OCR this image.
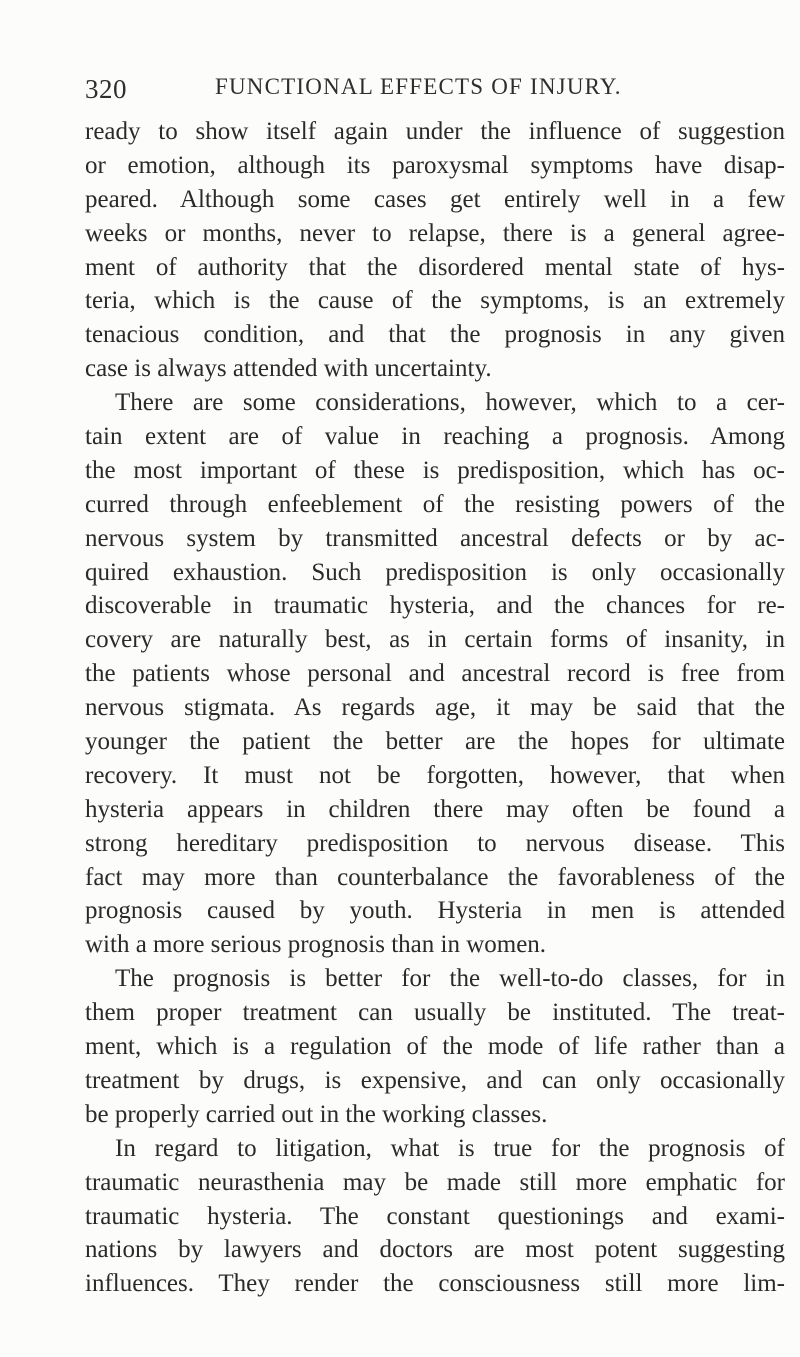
320	FUNCTIONAL EFFECTS OF INJURY.
ready to show itself again under the influence of suggestion
or emotion, although its paroxysmal symptoms have disap-
peared. Although some cases get entirely well in a few
weeks or months, never to relapse, there is a general agree-
ment of authority that the disordered mental state of hys-
teria, which is the cause of the symptoms, is an extremely
tenacious condition, and that the prognosis in any given
case is always attended with uncertainty.
There are some considerations, however, which to a cer-
tain extent are of value in reaching a prognosis. Among
the most important of these is predisposition, which has oc-
curred through enfeeblement of the resisting powers of the
nervous system by transmitted ancestral defects or by ac-
quired exhaustion. Such predisposition is only occasionally
discoverable in traumatic hysteria, and the chances for re-
covery are naturally best, as in certain forms of insanity, in
the patients whose personal and ancestral record is free from
nervous stigmata. As regards age, it may be said that the
younger the patient the better are the hopes for ultimate
recovery. It must not be forgotten, however, that when
hysteria appears in children there may often be found a
strong hereditary predisposition to nervous disease. This
fact may more than counterbalance the favorableness of the
prognosis caused by youth. Hysteria in men is attended
with a more serious prognosis than in women.
The prognosis is better for the well-to-do classes, for in
them proper treatment can usually be instituted. The treat-
ment, which is a regulation of the mode of life rather than a
treatment by drugs, is expensive, and can only occasionally
be properly carried out in the working classes.
In regard to litigation, what is true for the prognosis of
traumatic neurasthenia may be made still more emphatic for
traumatic hysteria. The constant questionings and exami-
nations by lawyers and doctors are most potent suggesting
influences. They render the consciousness still more lim-
